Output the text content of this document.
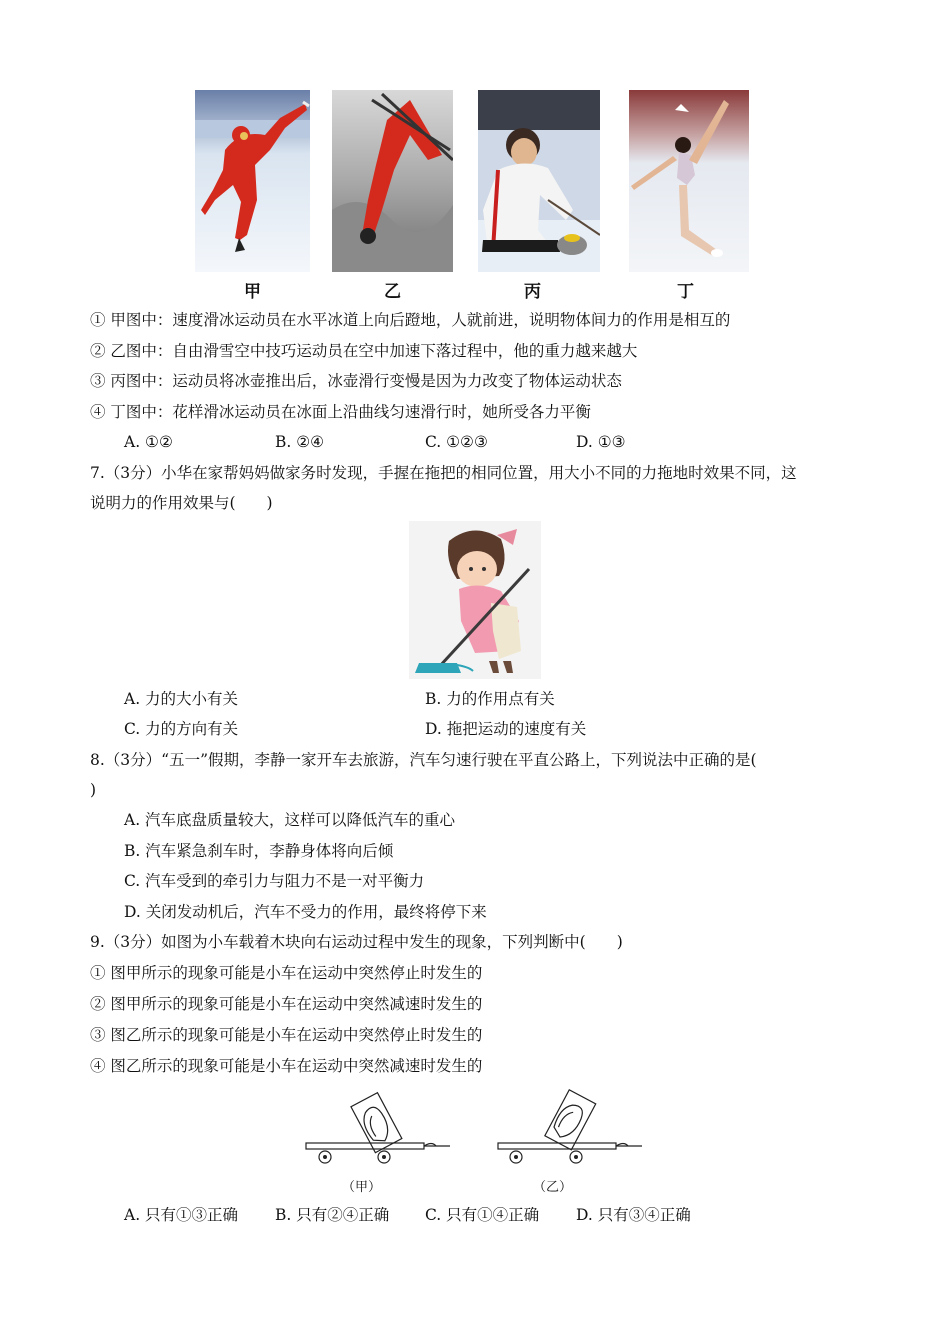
甲	乙	丙	丁
① 甲图中：速度滑冰运动员在水平冰道上向后蹬地，人就前进，说明物体间力的作用是相互的
② 乙图中：自由滑雪空中技巧运动员在空中加速下落过程中，他的重力越来越大
③ 丙图中：运动员将冰壶推出后，冰壶滑行变慢是因为力改变了物体运动状态
④ 丁图中：花样滑冰运动员在冰面上沿曲线匀速滑行时，她所受各力平衡
A. ①②	B. ②④	C. ①②③	D. ①③
7.（3分）小华在家帮妈妈做家务时发现，手握在拖把的相同位置，用大小不同的力拖地时效果不同，这
说明力的作用效果与(　　)
A. 力的大小有关	B. 力的作用点有关
C. 力的方向有关	D. 拖把运动的速度有关
8.（3分）“五一”假期，李静一家开车去旅游，汽车匀速行驶在平直公路上，下列说法中正确的是(
)
A. 汽车底盘质量较大，这样可以降低汽车的重心
B. 汽车紧急刹车时，李静身体将向后倾
C. 汽车受到的牵引力与阻力不是一对平衡力
D. 关闭发动机后，汽车不受力的作用，最终将停下来
9.（3分）如图为小车载着木块向右运动过程中发生的现象，下列判断中(　　)
① 图甲所示的现象可能是小车在运动中突然停止时发生的
② 图甲所示的现象可能是小车在运动中突然减速时发生的
③ 图乙所示的现象可能是小车在运动中突然停止时发生的
④ 图乙所示的现象可能是小车在运动中突然减速时发生的
（甲）	（乙）
A. 只有①③正确 B. 只有②④正确 C. 只有①④正确 D. 只有③④正确
